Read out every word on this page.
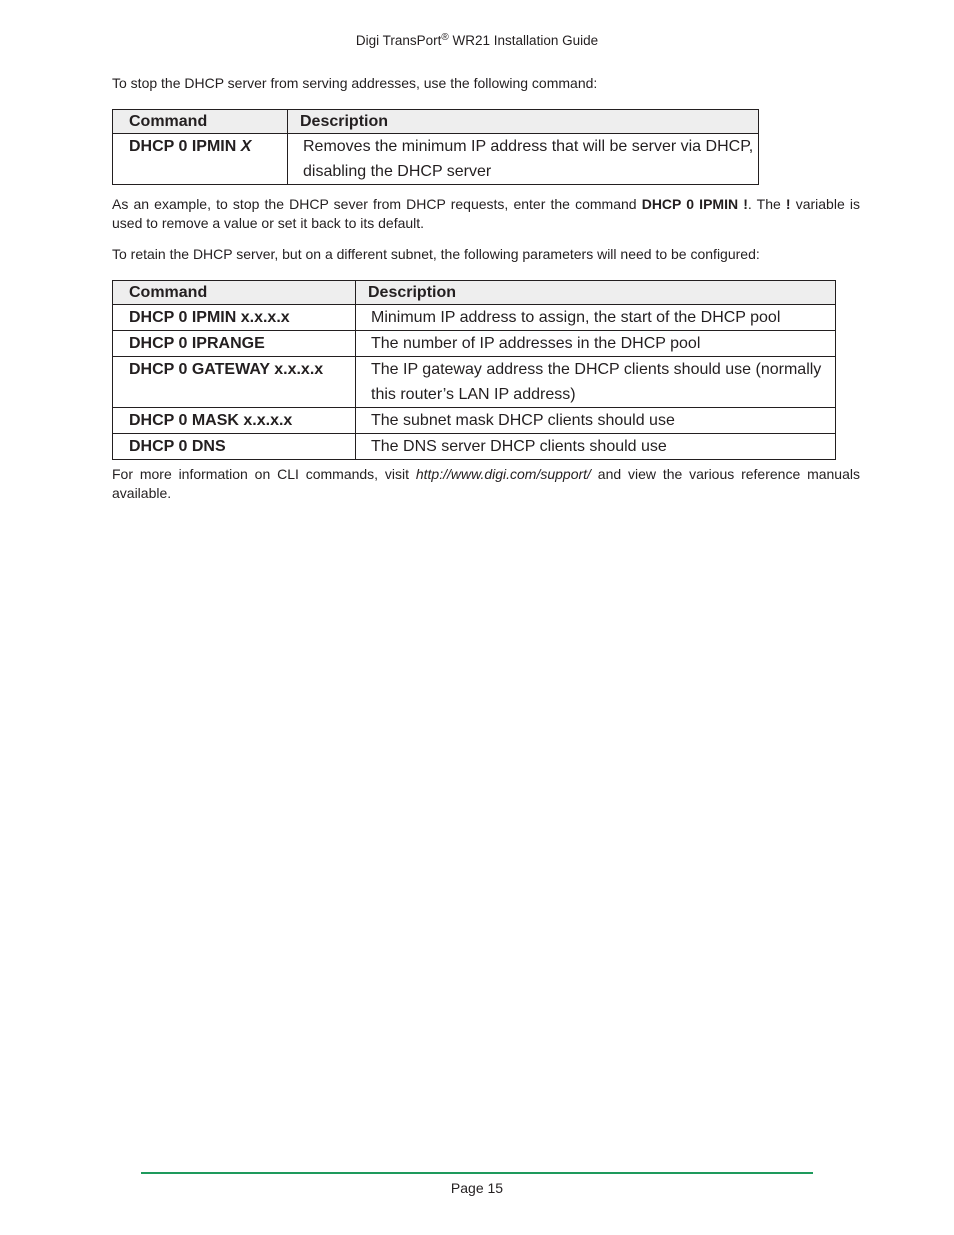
Digi TransPort® WR21 Installation Guide
To stop the DHCP server from serving addresses, use the following command:
Command	Description
DHCP 0 IPMIN X	Removes the minimum IP address that will be server via DHCP, disabling the DHCP server
As an example, to stop the DHCP sever from DHCP requests, enter the command DHCP 0 IPMIN !. The ! variable is used to remove a value or set it back to its default.
To retain the DHCP server, but on a different subnet, the following parameters will need to be configured:
Command	Description
DHCP 0 IPMIN x.x.x.x	Minimum IP address to assign, the start of the DHCP pool
DHCP 0 IPRANGE	The number of IP addresses in the DHCP pool
DHCP 0 GATEWAY x.x.x.x	The IP gateway address the DHCP clients should use (normally this router’s LAN IP address)
DHCP 0 MASK x.x.x.x	The subnet mask DHCP clients should use
DHCP 0 DNS	The DNS server DHCP clients should use
For more information on CLI commands, visit http://www.digi.com/support/ and view the various reference manuals available.
Page 15
